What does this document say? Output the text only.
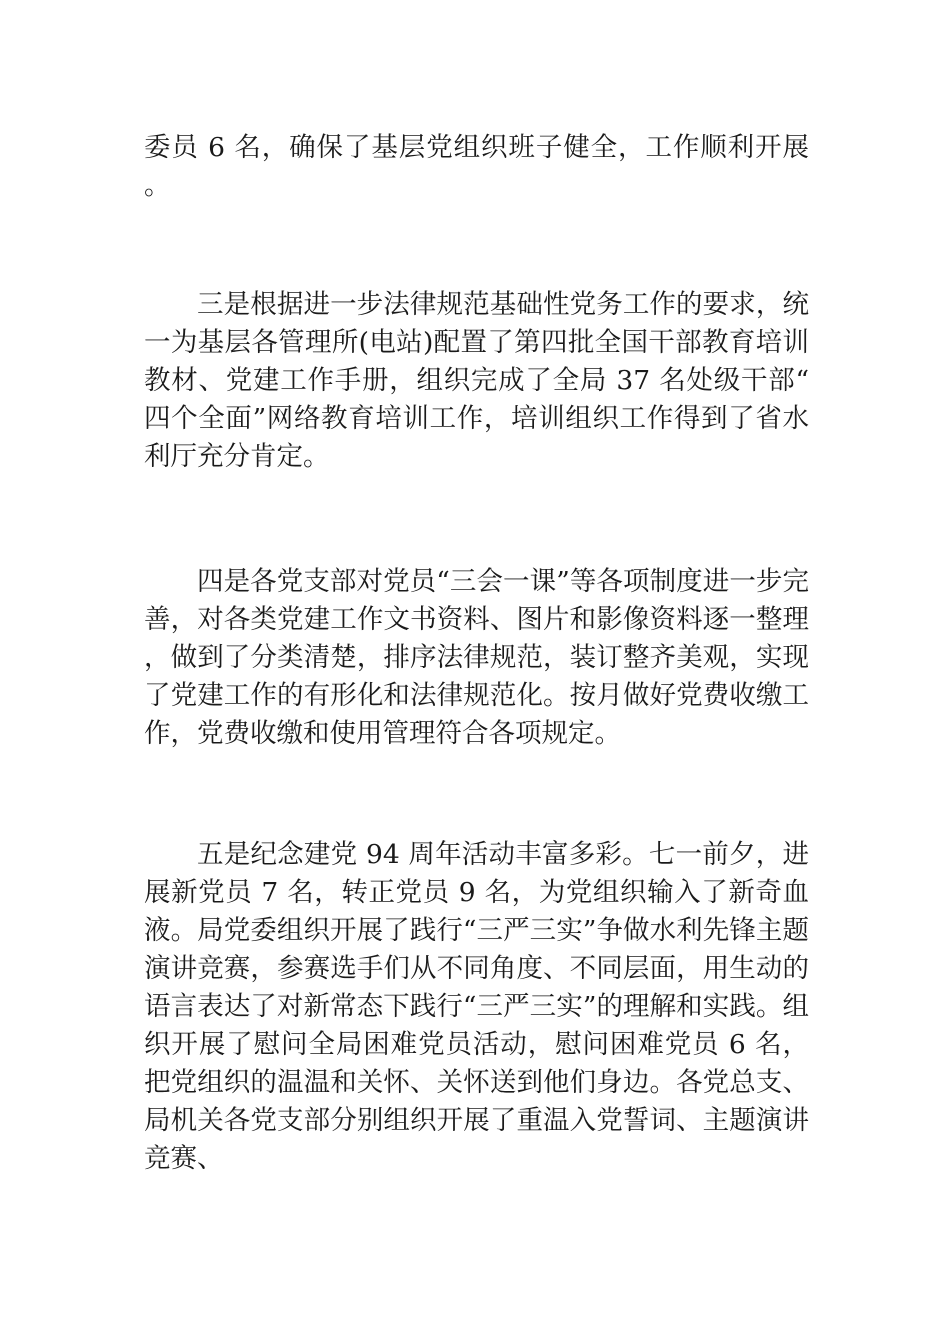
委员 6 名，确保了基层党组织班子健全，工作顺利开展。

三是根据进一步法律规范基础性党务工作的要求，统一为基层各管理所(电站)配置了第四批全国干部教育培训教材、党建工作手册，组织完成了全局 37 名处级干部“四个全面”网络教育培训工作，培训组织工作得到了省水利厅充分肯定。

四是各党支部对党员“三会一课”等各项制度进一步完善，对各类党建工作文书资料、图片和影像资料逐一整理，做到了分类清楚，排序法律规范，装订整齐美观，实现了党建工作的有形化和法律规范化。按月做好党费收缴工作，党费收缴和使用管理符合各项规定。

五是纪念建党 94 周年活动丰富多彩。七一前夕，进展新党员 7 名，转正党员 9 名，为党组织输入了新奇血液。局党委组织开展了践行“三严三实”争做水利先锋主题演讲竞赛，参赛选手们从不同角度、不同层面，用生动的语言表达了对新常态下践行“三严三实”的理解和实践。组织开展了慰问全局困难党员活动，慰问困难党员 6 名，把党组织的温温和关怀、关怀送到他们身边。各党总支、局机关各党支部分别组织开展了重温入党誓词、主题演讲竞赛、
